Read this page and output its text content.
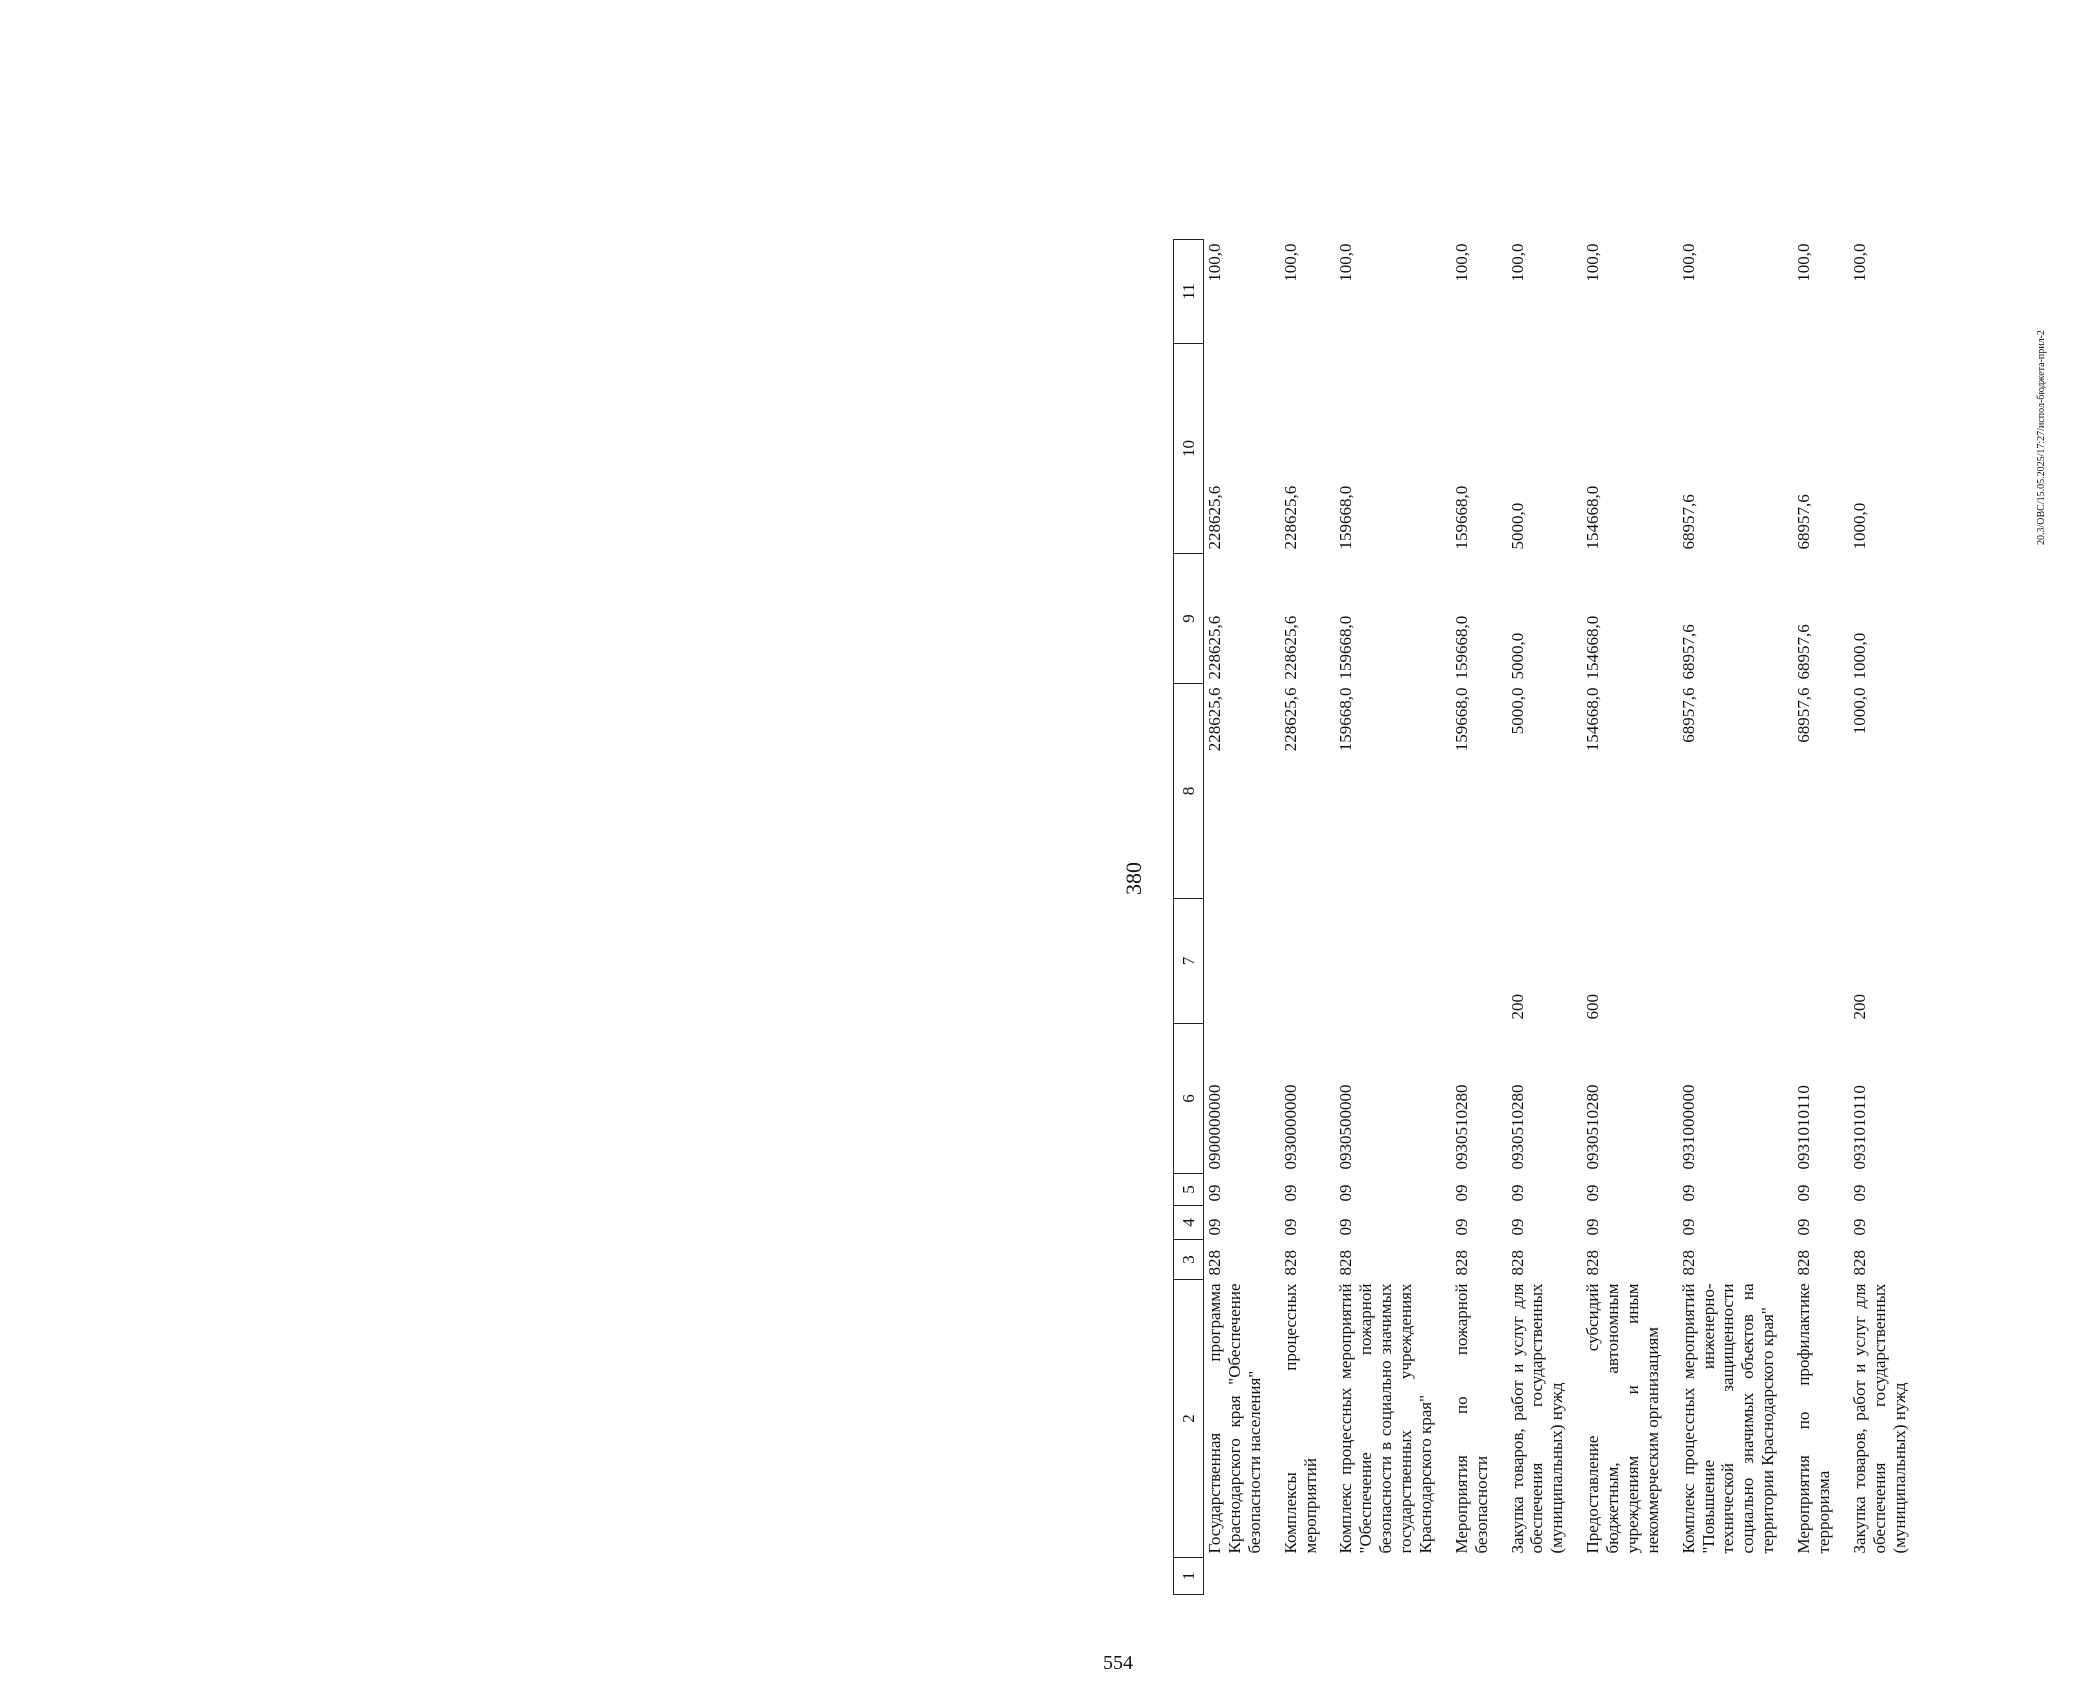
380
1	2	3	4	5	6	7	8	9	10	11
	Государственная программа Краснодарского края "Обеспечение безопасности населения"	828	09	09	0900000000		228625,6	228625,6	228625,6	100,0
	Комплексы процессных мероприятий	828	09	09	0930000000		228625,6	228625,6	228625,6	100,0
	Комплекс процессных мероприятий "Обеспечение пожарной безопасности в социально значимых государственных учреждениях Краснодарского края"	828	09	09	0930500000		159668,0	159668,0	159668,0	100,0
	Мероприятия по пожарной безопасности	828	09	09	0930510280		159668,0	159668,0	159668,0	100,0
	Закупка товаров, работ и услуг для обеспечения государственных (муниципальных) нужд	828	09	09	0930510280	200	5000,0	5000,0	5000,0	100,0
	Предоставление субсидий бюджетным, автономным учреждениям и иным некоммерческим организациям	828	09	09	0930510280	600	154668,0	154668,0	154668,0	100,0
	Комплекс процессных мероприятий "Повышение инженерно-технической защищенности социально значимых объектов на территории Краснодарского края"	828	09	09	0931000000		68957,6	68957,6	68957,6	100,0
	Мероприятия по профилактике терроризма	828	09	09	0931010110		68957,6	68957,6	68957,6	100,0
	Закупка товаров, работ и услуг для обеспечения государственных (муниципальных) нужд	828	09	09	0931010110	200	1000,0	1000,0	1000,0	100,0
20.3/ОВС/15.05.2025/17:27/испол-бюджета-прил-2
554
